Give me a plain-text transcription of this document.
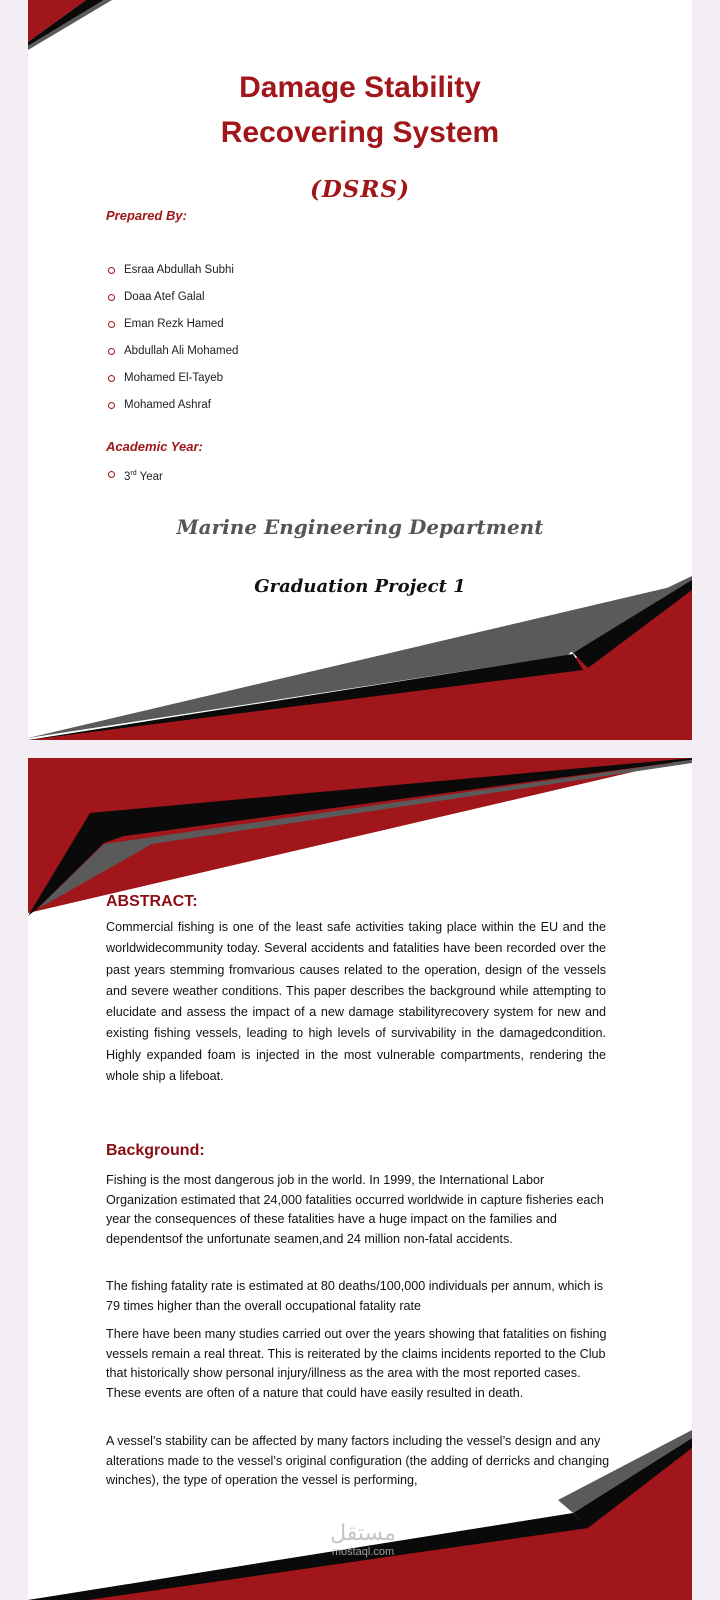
Damage Stability
Recovering System
(DSRS)
Prepared By:
Esraa Abdullah Subhi
Doaa Atef Galal
Eman Rezk Hamed
Abdullah Ali Mohamed
Mohamed El-Tayeb
Mohamed Ashraf
Academic Year:
3rd Year
Marine Engineering Department
Graduation Project 1
ABSTRACT:

Commercial fishing is one of the least safe activities taking place within the EU and the worldwidecommunity today. Several accidents and fatalities have been recorded over the past years stemming fromvarious causes related to the operation, design of the vessels and severe weather conditions. This paper describes the background while attempting to elucidate and assess the impact of a new damage stabilityrecovery system for new and existing fishing vessels, leading to high levels of survivability in the damagedcondition. Highly expanded foam is injected in the most vulnerable compartments, rendering the whole ship a lifeboat.

Background:

Fishing is the most dangerous job in the world. In 1999, the International Labor Organization estimated that 24,000 fatalities occurred worldwide in capture fisheries each year the consequences of these fatalities have a huge impact on the families and dependentsof the unfortunate seamen,and 24 million non-fatal accidents.

The fishing fatality rate is estimated at 80 deaths/100,000 individuals per annum, which is 79 times higher than the overall occupational fatality rate

There have been many studies carried out over the years showing that fatalities on fishing vessels remain a real threat. This is reiterated by the claims incidents reported to the Club that historically show personal injury/illness as the area with the most reported cases. These events are often of a nature that could have easily resulted in death.

A vessel’s stability can be affected by many factors including the vessel’s design and any alterations made to the vessel’s original configuration (the adding of derricks and changing winches), the type of operation the vessel is performing,

مستقل
mostaql.com
